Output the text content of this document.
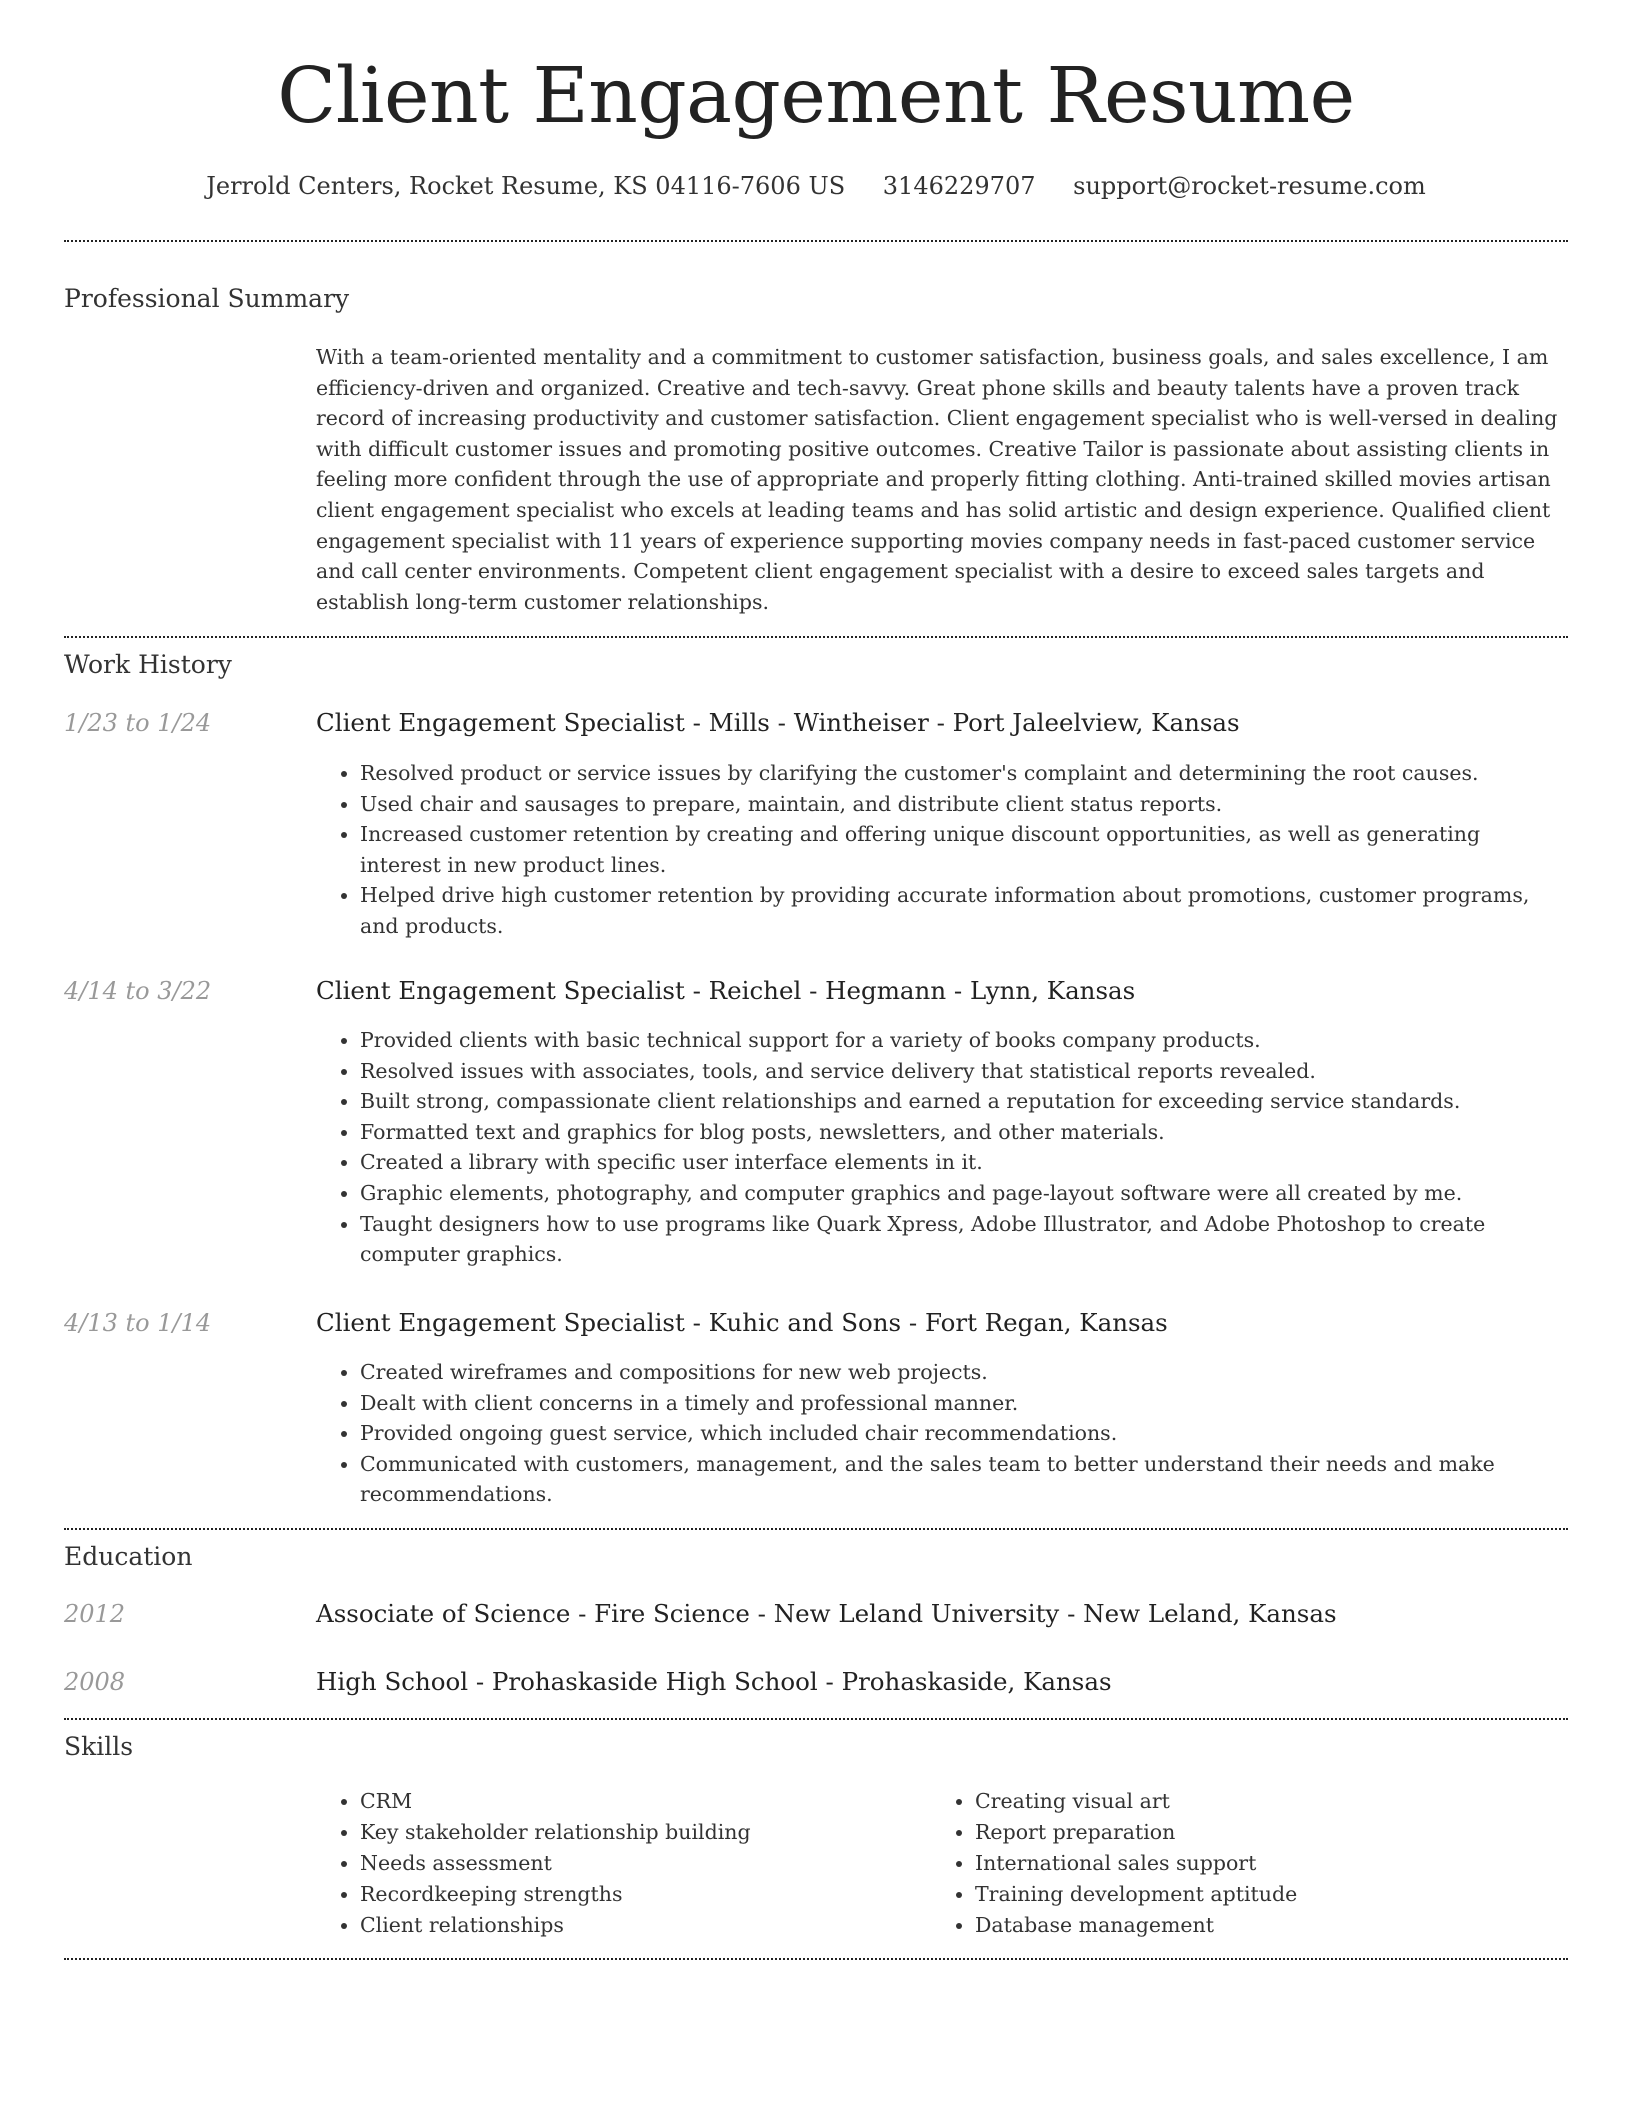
Client Engagement Resume
Jerrold Centers, Rocket Resume, KS 04116-7606 US 3146229707 support@rocket-resume.com
Professional Summary
With a team-oriented mentality and a commitment to customer satisfaction, business goals, and sales excellence, I am efficiency-driven and organized. Creative and tech-savvy. Great phone skills and beauty talents have a proven track record of increasing productivity and customer satisfaction. Client engagement specialist who is well-versed in dealing with difficult customer issues and promoting positive outcomes. Creative Tailor is passionate about assisting clients in feeling more confident through the use of appropriate and properly fitting clothing. Anti-trained skilled movies artisan client engagement specialist who excels at leading teams and has solid artistic and design experience. Qualified client engagement specialist with 11 years of experience supporting movies company needs in fast-paced customer service and call center environments. Competent client engagement specialist with a desire to exceed sales targets and establish long-term customer relationships.
Work History
1/23 to 1/24	Client Engagement Specialist - Mills - Wintheiser - Port Jaleelview, Kansas
• Resolved product or service issues by clarifying the customer's complaint and determining the root causes.
• Used chair and sausages to prepare, maintain, and distribute client status reports.
• Increased customer retention by creating and offering unique discount opportunities, as well as generating interest in new product lines.
• Helped drive high customer retention by providing accurate information about promotions, customer programs, and products.
4/14 to 3/22	Client Engagement Specialist - Reichel - Hegmann - Lynn, Kansas
• Provided clients with basic technical support for a variety of books company products.
• Resolved issues with associates, tools, and service delivery that statistical reports revealed.
• Built strong, compassionate client relationships and earned a reputation for exceeding service standards.
• Formatted text and graphics for blog posts, newsletters, and other materials.
• Created a library with specific user interface elements in it.
• Graphic elements, photography, and computer graphics and page-layout software were all created by me.
• Taught designers how to use programs like Quark Xpress, Adobe Illustrator, and Adobe Photoshop to create computer graphics.
4/13 to 1/14	Client Engagement Specialist - Kuhic and Sons - Fort Regan, Kansas
• Created wireframes and compositions for new web projects.
• Dealt with client concerns in a timely and professional manner.
• Provided ongoing guest service, which included chair recommendations.
• Communicated with customers, management, and the sales team to better understand their needs and make recommendations.
Education
2012	Associate of Science - Fire Science - New Leland University - New Leland, Kansas
2008	High School - Prohaskaside High School - Prohaskaside, Kansas
Skills
• CRM
• Key stakeholder relationship building
• Needs assessment
• Recordkeeping strengths
• Client relationships
• Creating visual art
• Report preparation
• International sales support
• Training development aptitude
• Database management
